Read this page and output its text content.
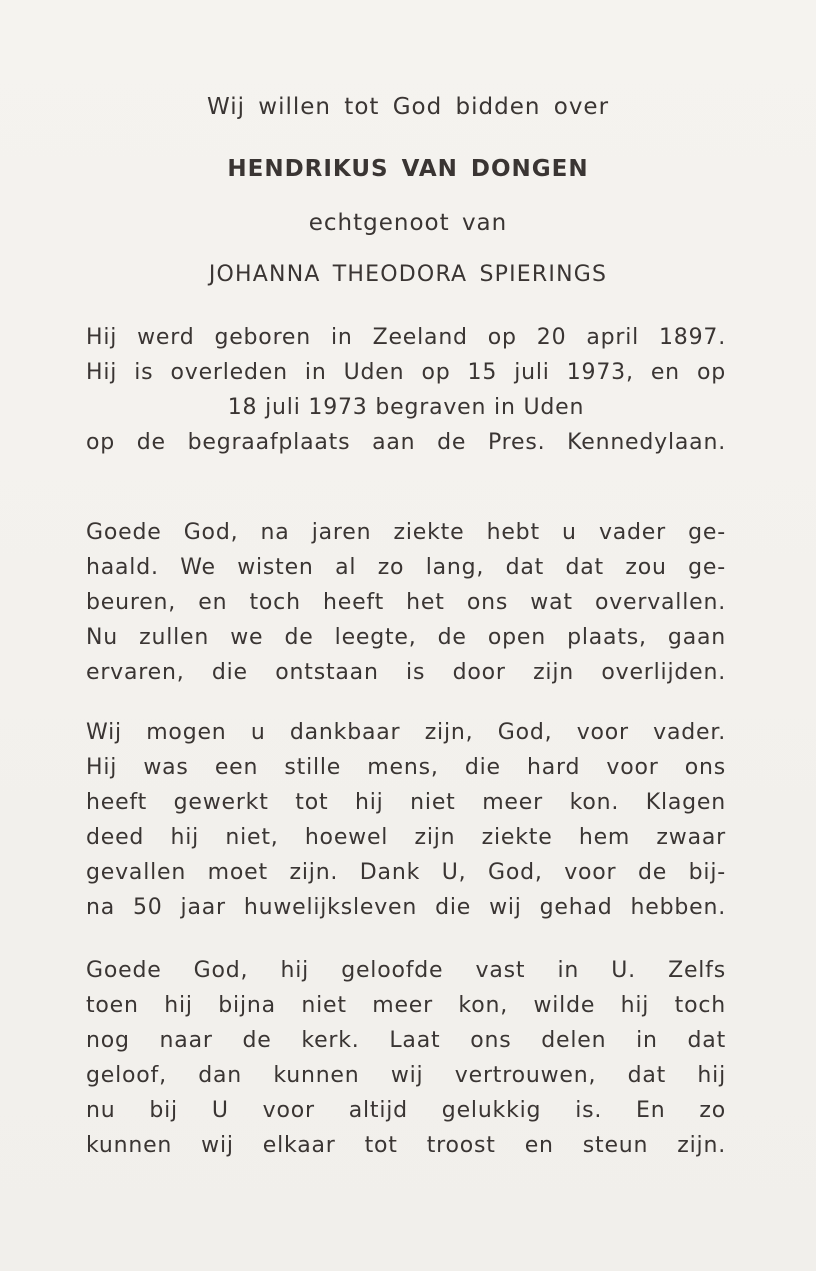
Wij willen tot God bidden over
HENDRIKUS VAN DONGEN
echtgenoot van
JOHANNA THEODORA SPIERINGS
Hij werd geboren in Zeeland op 20 april 1897.
Hij is overleden in Uden op 15 juli 1973, en op
18 juli 1973 begraven in Uden
op de begraafplaats aan de Pres. Kennedylaan.
Goede God, na jaren ziekte hebt u vader ge-
haald. We wisten al zo lang, dat dat zou ge-
beuren, en toch heeft het ons wat overvallen.
Nu zullen we de leegte, de open plaats, gaan
ervaren, die ontstaan is door zijn overlijden.
Wij mogen u dankbaar zijn, God, voor vader.
Hij was een stille mens, die hard voor ons
heeft gewerkt tot hij niet meer kon. Klagen
deed hij niet, hoewel zijn ziekte hem zwaar
gevallen moet zijn. Dank U, God, voor de bij-
na 50 jaar huwelijksleven die wij gehad hebben.
Goede God, hij geloofde vast in U. Zelfs
toen hij bijna niet meer kon, wilde hij toch
nog naar de kerk. Laat ons delen in dat
geloof, dan kunnen wij vertrouwen, dat hij
nu bij U voor altijd gelukkig is. En zo
kunnen wij elkaar tot troost en steun zijn.
